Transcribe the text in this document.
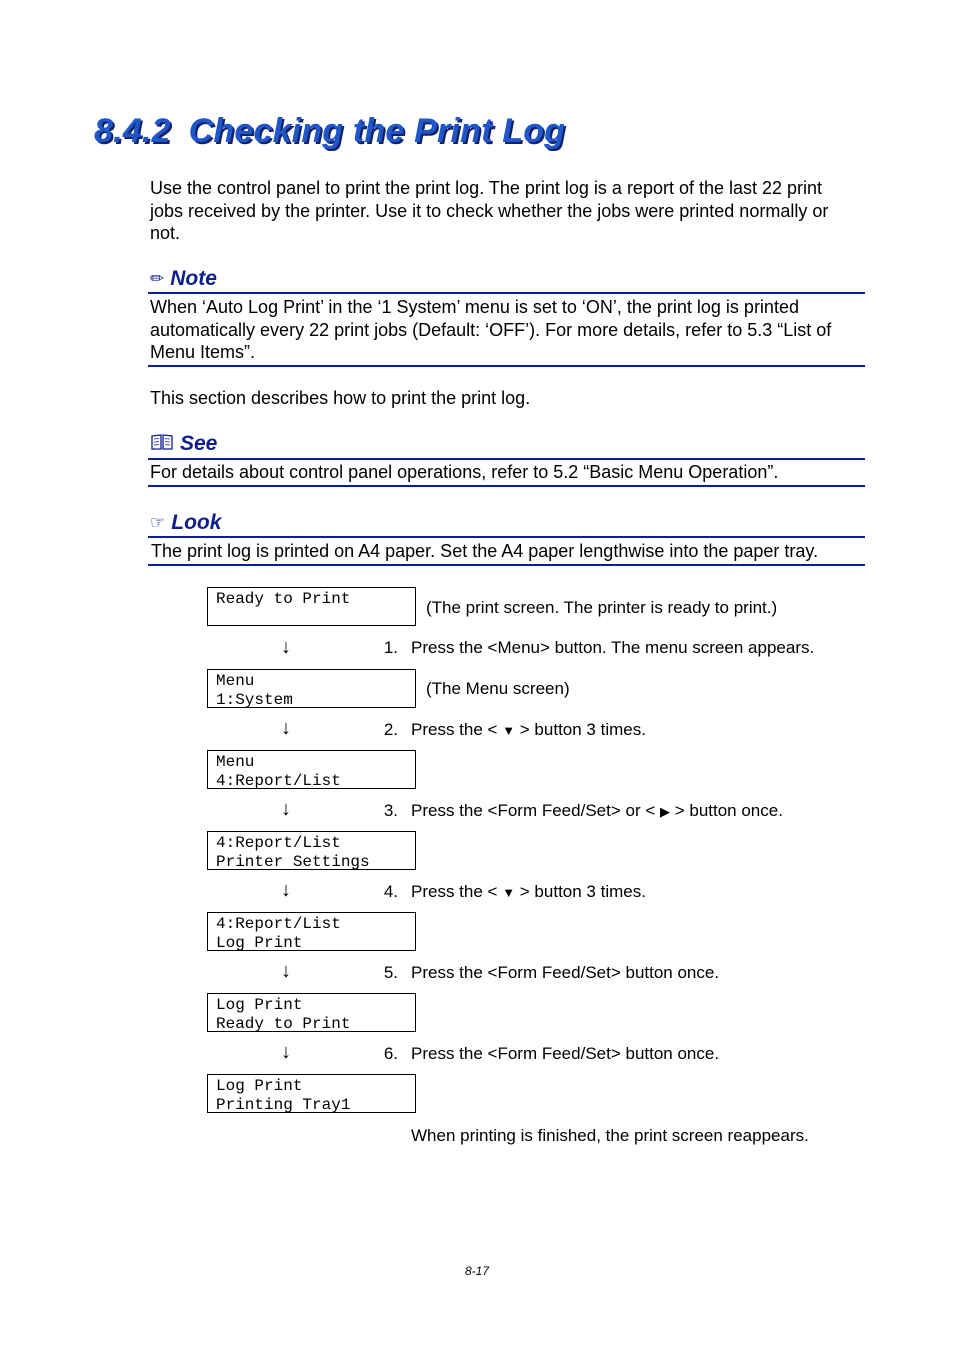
8.4.2 Checking the Print Log
Use the control panel to print the print log. The print log is a report of the last 22 print jobs received by the printer. Use it to check whether the jobs were printed normally or not.
✏ Note
When ‘Auto Log Print’ in the ‘1 System’ menu is set to ‘ON’, the print log is printed automatically every 22 print jobs (Default: ‘OFF’). For more details, refer to 5.3 “List of Menu Items”.
This section describes how to print the print log.
See
For details about control panel operations, refer to 5.2 “Basic Menu Operation”.
☞ Look
The print log is printed on A4 paper. Set the A4 paper lengthwise into the paper tray.
Ready to Print	(The print screen. The printer is ready to print.)
↓	1. Press the <Menu> button. The menu screen appears.
Menu
1:System
(The Menu screen)
↓	2. Press the < ▼ > button 3 times.
Menu
4:Report/List
↓	3. Press the <Form Feed/Set> or < ▶ > button once.
4:Report/List
Printer Settings
↓	4. Press the < ▼ > button 3 times.
4:Report/List
Log Print
↓	5. Press the <Form Feed/Set> button once.
Log Print
Ready to Print
↓	6. Press the <Form Feed/Set> button once.
Log Print
Printing Tray1
When printing is finished, the print screen reappears.
8-17
